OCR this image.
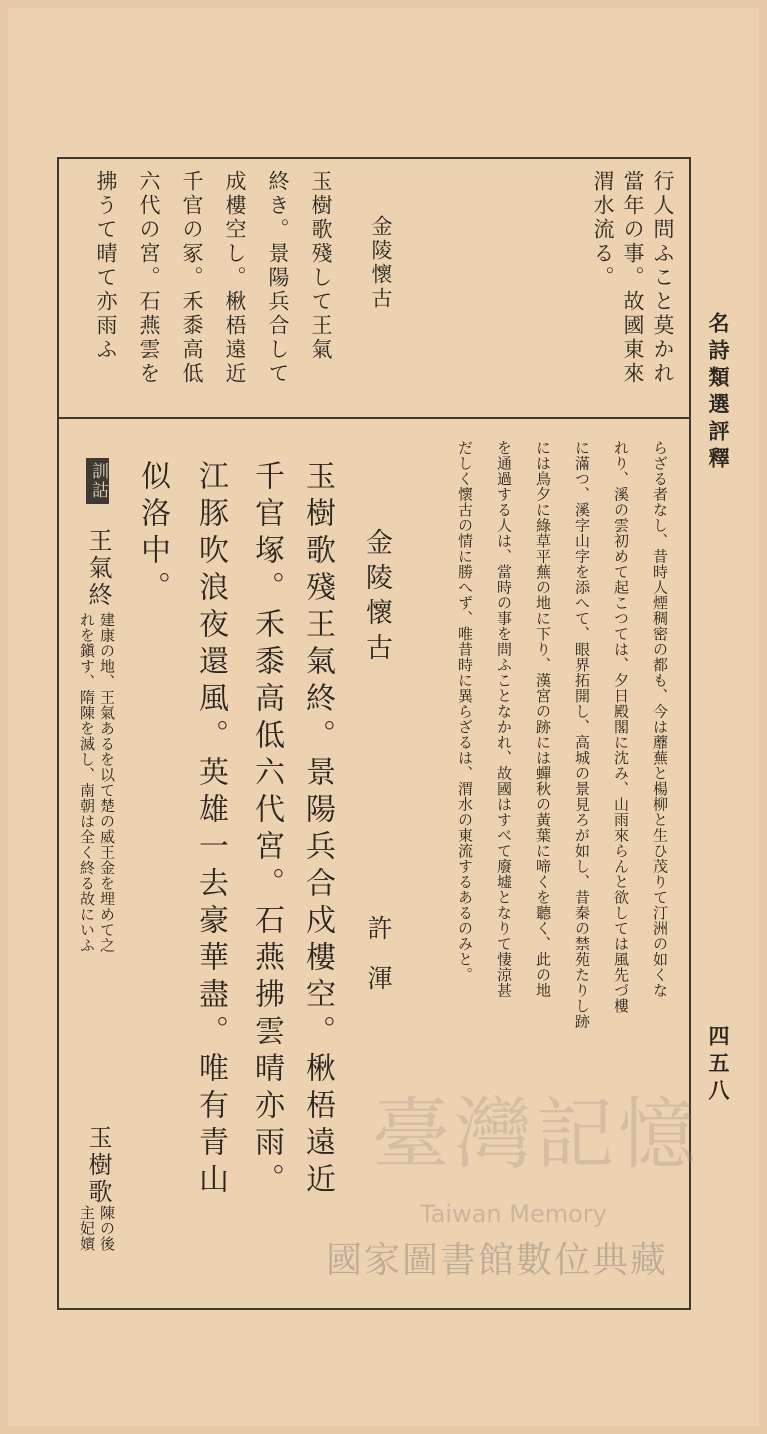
名詩類選評釋
四五八
行人問ふこと莫かれ
當年の事。故國東來
渭水流る。
金陵懷古
玉樹歌殘して王氣
終き。景陽兵合して
成樓空し。楸梧遠近
千官の冢。禾黍高低
六代の宮。石燕雲を
拂うて晴て亦雨ふ
らざる者なし、昔時人煙稠密の都も、今は蘼蕪と楊柳と生ひ茂りて汀洲の如くな
れり、溪の雲初めて起こつては、夕日殿閣に沈み、山雨來らんと欲しては風先づ樓
に滿つ、溪字山字を添へて、眼界拓開し、高城の景見ろが如し、昔秦の禁苑たりし跡
には鳥夕に綠草平蕪の地に下り、漢宮の跡には蟬秋の黃葉に啼くを聽く、此の地
を通過する人は、當時の事を問ふことなかれ、故國はすべて廢墟となりて悽涼甚
だしく懷古の情に勝へず、唯昔時に異らざるは、渭水の東流するあるのみと。
金陵懷古
許　渾
玉樹歌殘王氣終。景陽兵合戍樓空。楸梧遠近
千官塚。禾黍高低六代宮。石燕拂雲晴亦雨。
江豚吹浪夜還風。英雄一去豪華盡。唯有青山
似洛中。
訓詁
王氣終
建康の地、王氣あるを以て楚の威王金を埋めて之
れを鎭す、隋陳を滅し、南朝は全く終る故にいふ
玉樹歌
陳の後
主妃嬪
臺灣記憶
Taiwan Memory
國家圖書館數位典藏
